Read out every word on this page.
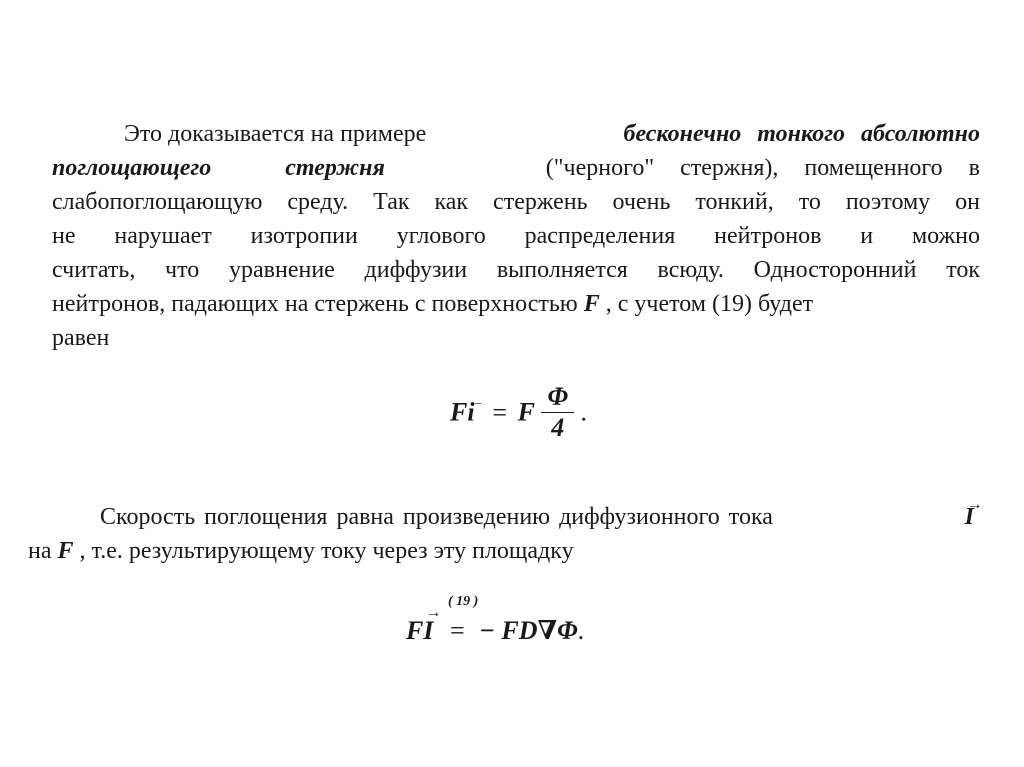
Это доказывается на примере	бесконечно тонкого абсолютно
поглощающего стержня	("черного" стержня), помещенного в
слабопоглощающую среду. Так как стержень очень тонкий, то поэтому он
не нарушает изотропии углового распределения нейтронов и можно
считать, что уравнение диффузии выполняется всюду. Односторонний ток
нейтронов, падающих на стержень с поверхностью F , с учетом (19) будет
равен
Fi− = F $\frac{\Phi}{4}$ .
Скорость поглощения равна произведению диффузионного тока	→
I
на F , т.е. результирующему току через эту площадку
F
→
I
( 19 )
= − FD∇Φ.
